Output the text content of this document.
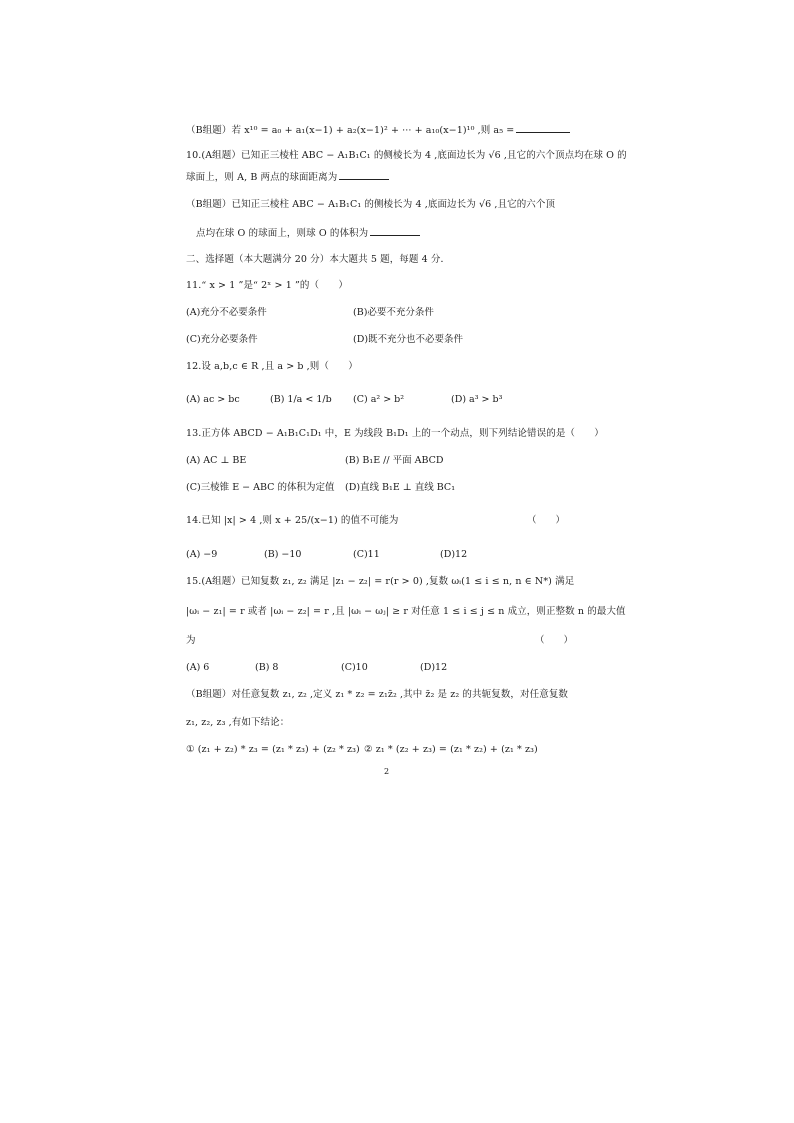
（B组题）若 x¹⁰ = a₀ + a₁(x−1) + a₂(x−1)² + ··· + a₁₀(x−1)¹⁰ ,则 a₅ =
10.(A组题）已知正三棱柱 ABC − A₁B₁C₁ 的侧棱长为 4 ,底面边长为 √6 ,且它的六个顶点均在球 O 的
球面上，则 A, B 两点的球面距离为
（B组题）已知正三棱柱 ABC − A₁B₁C₁ 的侧棱长为 4 ,底面边长为 √6 ,且它的六个顶
点均在球 O 的球面上，则球 O 的体积为
二、选择题（本大题满分 20 分）本大题共 5 题，每题 4 分．
11.“ x > 1 ”是“ 2ˣ > 1 ”的（　　）
(A)充分不必要条件	(B)必要不充分条件
(C)充分必要条件	(D)既不充分也不必要条件
12.设 a,b,c ∈ R ,且 a > b ,则（　　）
(A) ac > bc	(B) 1/a < 1/b (C) a² > b²	(D) a³ > b³
13.正方体 ABCD − A₁B₁C₁D₁ 中，E 为线段 B₁D₁ 上的一个动点，则下列结论错误的是（　　）
(A) AC ⊥ BE	(B) B₁E // 平面 ABCD
(C)三棱锥 E − ABC 的体积为定值 (D)直线 B₁E ⊥ 直线 BC₁
14.已知 |x| > 4 ,则 x + 25/(x−1) 的值不可能为	（　　）
(A) −9	(B) −10	(C)11	(D)12
15.(A组题）已知复数 z₁, z₂ 满足 |z₁ − z₂| = r(r > 0) ,复数 ωᵢ(1 ≤ i ≤ n, n ∈ N*) 满足
|ωᵢ − z₁| = r 或者 |ωᵢ − z₂| = r ,且 |ωᵢ − ωⱼ| ≥ r 对任意 1 ≤ i ≤ j ≤ n 成立，则正整数 n 的最大值
为	（　　）
(A) 6	(B) 8	(C)10	(D)12
（B组题）对任意复数 z₁, z₂ ,定义 z₁ * z₂ = z₁z̄₂ ,其中 z̄₂ 是 z₂ 的共轭复数，对任意复数
z₁, z₂, z₃ ,有如下结论：
① (z₁ + z₂) * z₃ = (z₁ * z₃) + (z₂ * z₃) ② z₁ * (z₂ + z₃) = (z₁ * z₂) + (z₁ * z₃)
2
